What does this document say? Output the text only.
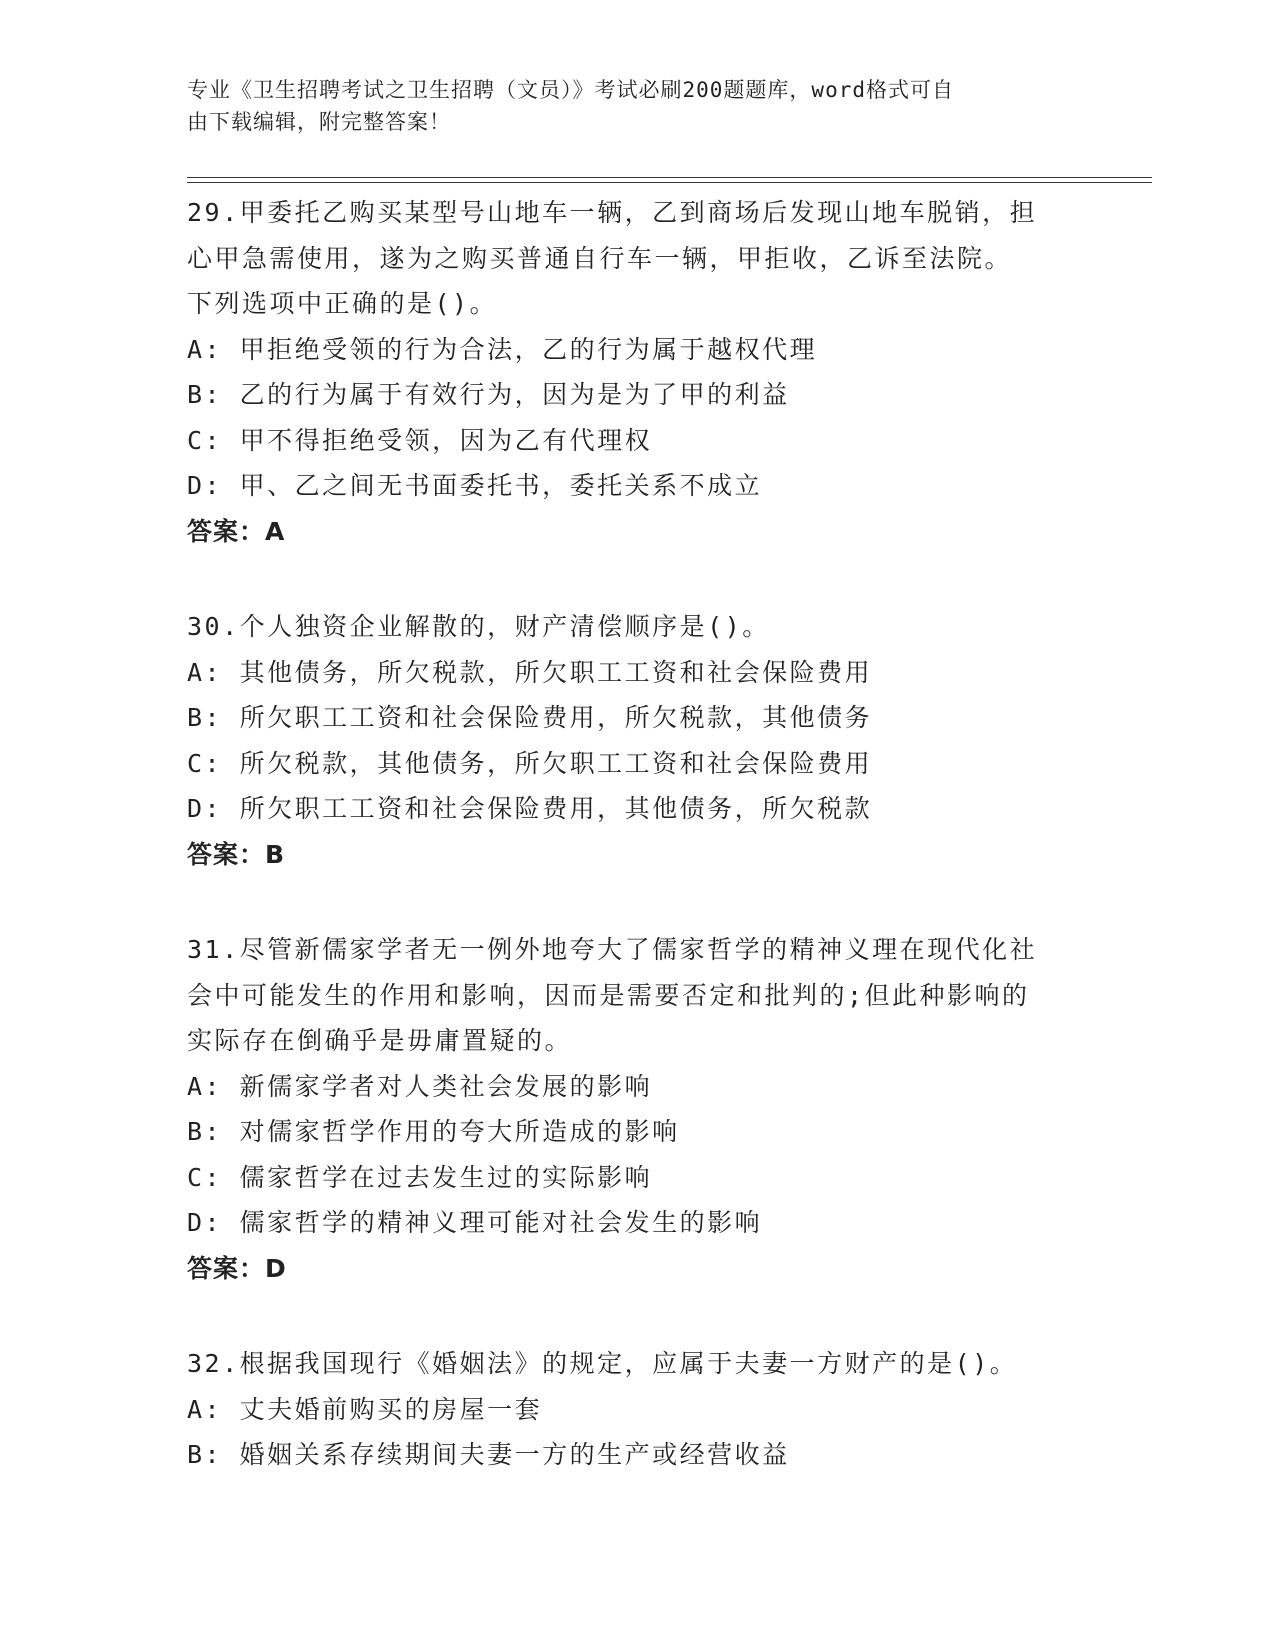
专业《卫生招聘考试之卫生招聘（文员）》考试必刷200题题库，word格式可自
由下载编辑，附完整答案！
29.甲委托乙购买某型号山地车一辆，乙到商场后发现山地车脱销，担
心甲急需使用，遂为之购买普通自行车一辆，甲拒收，乙诉至法院。
下列选项中正确的是()。
A: 甲拒绝受领的行为合法，乙的行为属于越权代理
B: 乙的行为属于有效行为，因为是为了甲的利益
C: 甲不得拒绝受领，因为乙有代理权
D: 甲、乙之间无书面委托书，委托关系不成立
答案：A
30.个人独资企业解散的，财产清偿顺序是()。
A: 其他债务，所欠税款，所欠职工工资和社会保险费用
B: 所欠职工工资和社会保险费用，所欠税款，其他债务
C: 所欠税款，其他债务，所欠职工工资和社会保险费用
D: 所欠职工工资和社会保险费用，其他债务，所欠税款
答案：B
31.尽管新儒家学者无一例外地夸大了儒家哲学的精神义理在现代化社
会中可能发生的作用和影响，因而是需要否定和批判的;但此种影响的
实际存在倒确乎是毋庸置疑的。
A: 新儒家学者对人类社会发展的影响
B: 对儒家哲学作用的夸大所造成的影响
C: 儒家哲学在过去发生过的实际影响
D: 儒家哲学的精神义理可能对社会发生的影响
答案：D
32.根据我国现行《婚姻法》的规定，应属于夫妻一方财产的是()。
A: 丈夫婚前购买的房屋一套
B: 婚姻关系存续期间夫妻一方的生产或经营收益
